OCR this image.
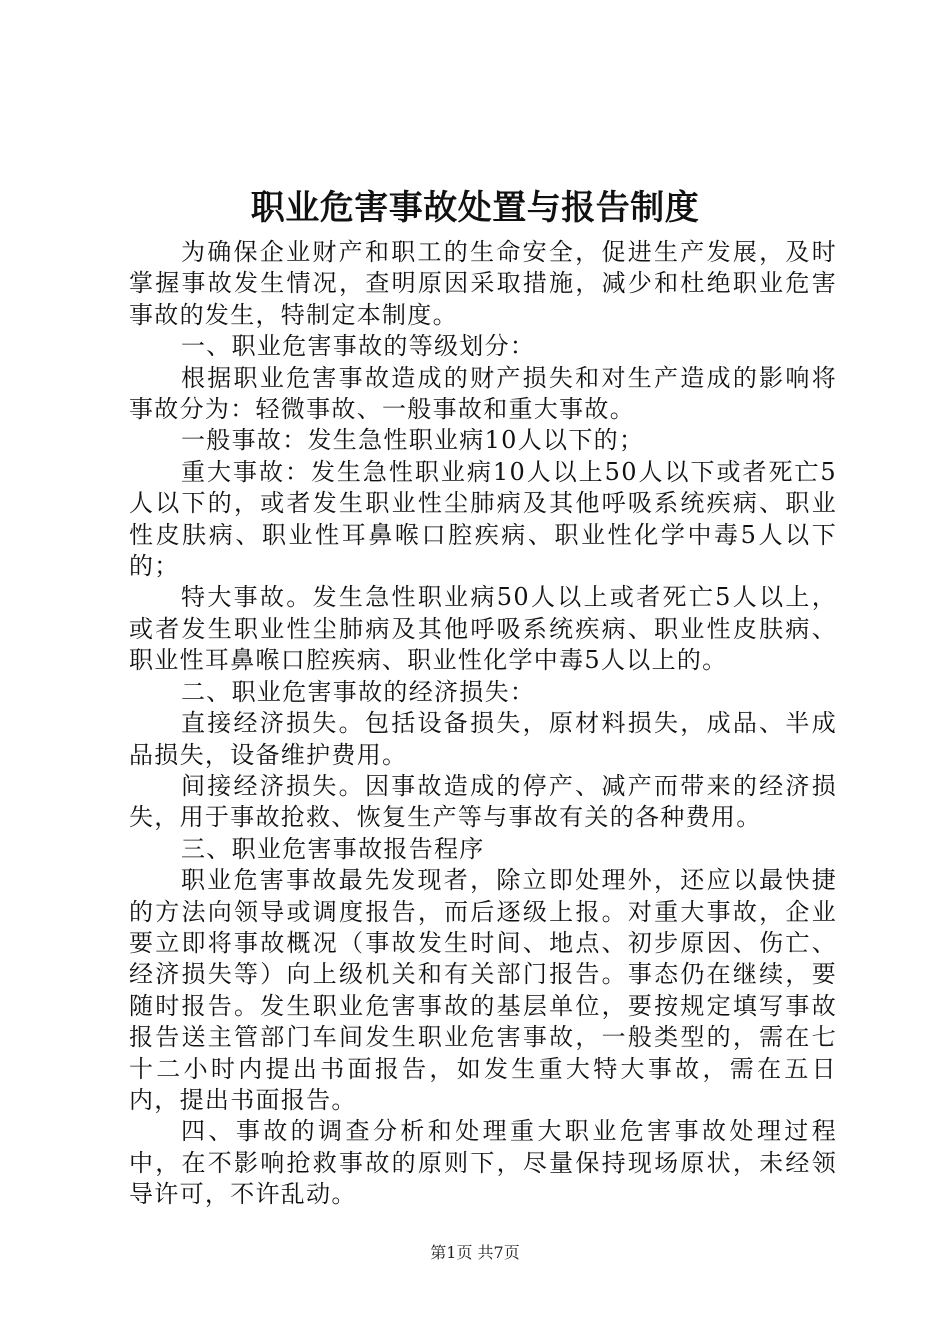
职业危害事故处置与报告制度

为确保企业财产和职工的生命安全，促进生产发展，及时掌握事故发生情况，查明原因采取措施，减少和杜绝职业危害事故的发生，特制定本制度。

一、职业危害事故的等级划分：

根据职业危害事故造成的财产损失和对生产造成的影响将事故分为：轻微事故、一般事故和重大事故。

一般事故：发生急性职业病10人以下的；

重大事故：发生急性职业病10人以上50人以下或者死亡5人以下的，或者发生职业性尘肺病及其他呼吸系统疾病、职业性皮肤病、职业性耳鼻喉口腔疾病、职业性化学中毒5人以下的；

特大事故。发生急性职业病50人以上或者死亡5人以上，或者发生职业性尘肺病及其他呼吸系统疾病、职业性皮肤病、职业性耳鼻喉口腔疾病、职业性化学中毒5人以上的。

二、职业危害事故的经济损失：

直接经济损失。包括设备损失，原材料损失，成品、半成品损失，设备维护费用。

间接经济损失。因事故造成的停产、减产而带来的经济损失，用于事故抢救、恢复生产等与事故有关的各种费用。

三、职业危害事故报告程序

职业危害事故最先发现者，除立即处理外，还应以最快捷的方法向领导或调度报告，而后逐级上报。对重大事故，企业要立即将事故概况（事故发生时间、地点、初步原因、伤亡、经济损失等）向上级机关和有关部门报告。事态仍在继续，要随时报告。发生职业危害事故的基层单位，要按规定填写事故报告送主管部门车间发生职业危害事故，一般类型的，需在七十二小时内提出书面报告，如发生重大特大事故，需在五日内，提出书面报告。

四、事故的调查分析和处理重大职业危害事故处理过程中，在不影响抢救事故的原则下，尽量保持现场原状，未经领导许可，不许乱动。

第1页 共7页
